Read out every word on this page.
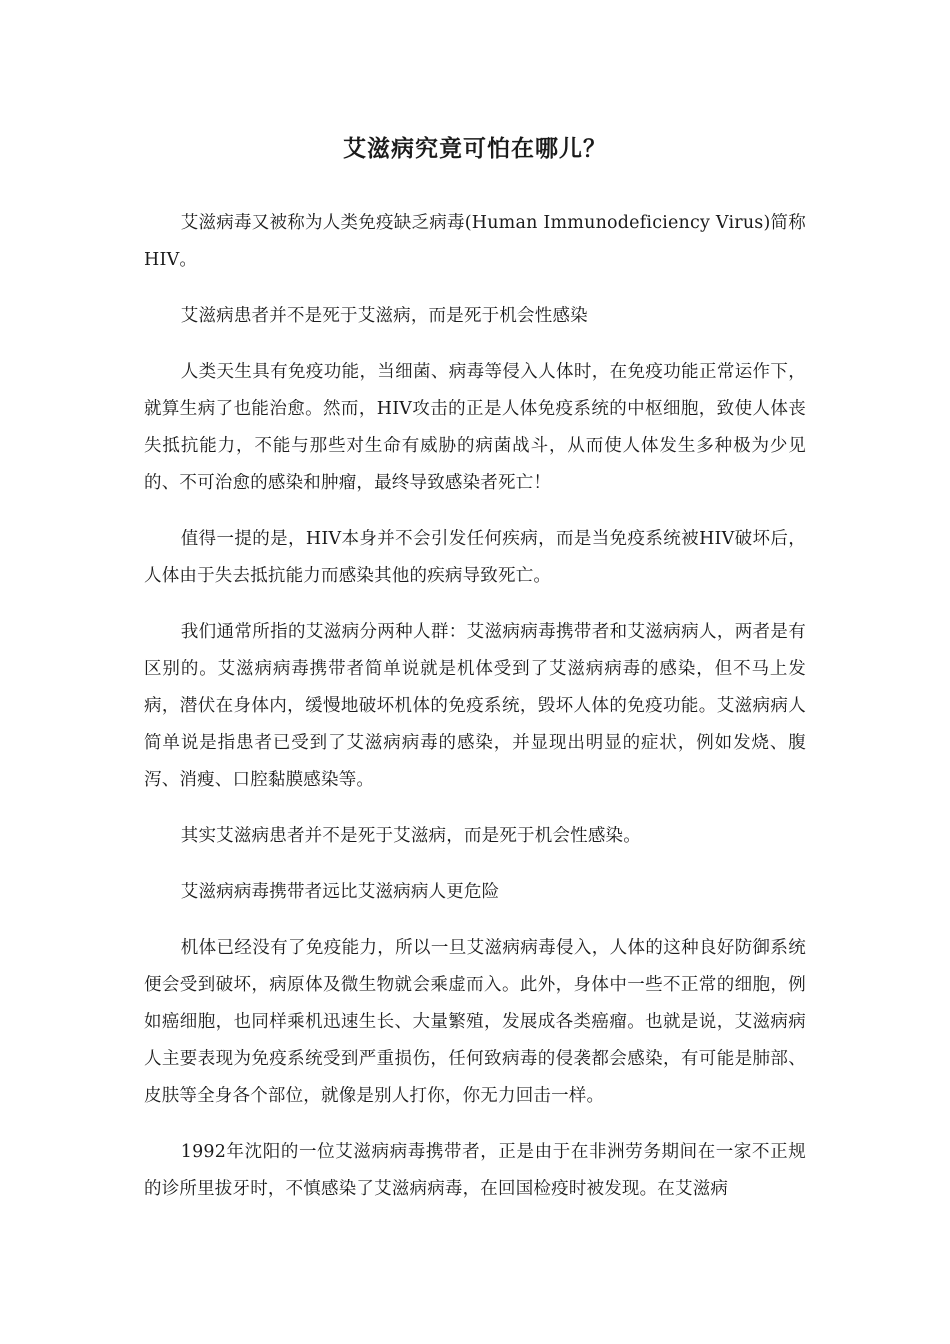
艾滋病究竟可怕在哪儿？

艾滋病毒又被称为人类免疫缺乏病毒(Human Immunodeficiency Virus)简称HIV。

艾滋病患者并不是死于艾滋病，而是死于机会性感染

人类天生具有免疫功能，当细菌、病毒等侵入人体时，在免疫功能正常运作下，就算生病了也能治愈。然而，HIV攻击的正是人体免疫系统的中枢细胞，致使人体丧失抵抗能力，不能与那些对生命有威胁的病菌战斗，从而使人体发生多种极为少见的、不可治愈的感染和肿瘤，最终导致感染者死亡！

值得一提的是，HIV本身并不会引发任何疾病，而是当免疫系统被HIV破坏后，人体由于失去抵抗能力而感染其他的疾病导致死亡。

我们通常所指的艾滋病分两种人群：艾滋病病毒携带者和艾滋病病人，两者是有区别的。艾滋病病毒携带者简单说就是机体受到了艾滋病病毒的感染，但不马上发病，潜伏在身体内，缓慢地破坏机体的免疫系统，毁坏人体的免疫功能。艾滋病病人简单说是指患者已受到了艾滋病病毒的感染，并显现出明显的症状，例如发烧、腹泻、消瘦、口腔黏膜感染等。

其实艾滋病患者并不是死于艾滋病，而是死于机会性感染。

艾滋病病毒携带者远比艾滋病病人更危险

机体已经没有了免疫能力，所以一旦艾滋病病毒侵入，人体的这种良好防御系统便会受到破坏，病原体及微生物就会乘虚而入。此外，身体中一些不正常的细胞，例如癌细胞，也同样乘机迅速生长、大量繁殖，发展成各类癌瘤。也就是说，艾滋病病人主要表现为免疫系统受到严重损伤，任何致病毒的侵袭都会感染，有可能是肺部、皮肤等全身各个部位，就像是别人打你，你无力回击一样。

1992年沈阳的一位艾滋病病毒携带者，正是由于在非洲劳务期间在一家不正规的诊所里拔牙时，不慎感染了艾滋病病毒，在回国检疫时被发现。在艾滋病
